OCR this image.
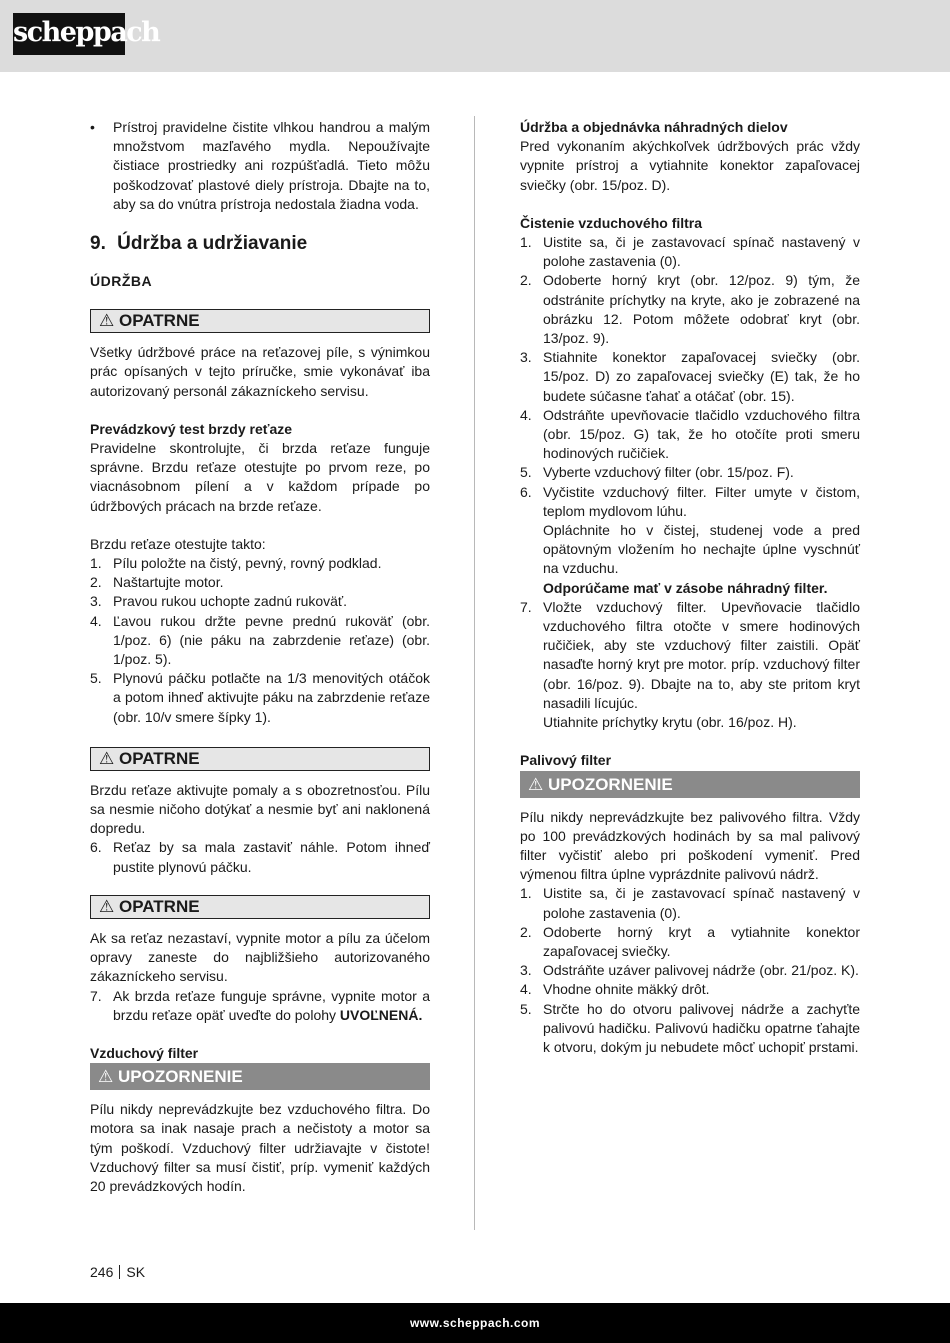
scheppach
•	Prístroj pravidelne čistite vlhkou handrou a malým množstvom mazľavého mydla. Nepoužívajte čistiace prostriedky ani rozpúšťadlá. Tieto môžu poškodzovať plastové diely prístroja. Dbajte na to, aby sa do vnútra prístroja nedostala žiadna voda.
9. Údržba a udržiavanie

ÚDRŽBA

⚠ OPATRNE

Všetky údržbové práce na reťazovej píle, s výnimkou prác opísaných v tejto príručke, smie vykonávať iba autorizovaný personál zákazníckeho servisu.

Prevádzkový test brzdy reťaze

Pravidelne skontrolujte, či brzda reťaze funguje správne. Brzdu reťaze otestujte po prvom reze, po viacnásobnom pílení a v každom prípade po údržbových prácach na brzde reťaze.

Brzdu reťaze otestujte takto:

1. Pílu položte na čistý, pevný, rovný podklad.
2. Naštartujte motor.
3. Pravou rukou uchopte zadnú rukoväť.
4. Ľavou rukou držte pevne prednú rukoväť (obr. 1/poz. 6) (nie páku na zabrzdenie reťaze) (obr. 1/poz. 5).
5. Plynovú páčku potlačte na 1/3 menovitých otáčok a potom ihneď aktivujte páku na zabrzdenie reťaze (obr. 10/v smere šípky 1).
⚠ OPATRNE

Brzdu reťaze aktivujte pomaly a s obozretnosťou. Pílu sa nesmie ničoho dotýkať a nesmie byť ani naklonená dopredu.

6. Reťaz by sa mala zastaviť náhle. Potom ihneď pustite plynovú páčku.
⚠ OPATRNE

Ak sa reťaz nezastaví, vypnite motor a pílu za účelom opravy zaneste do najbližšieho autorizovaného zákazníckeho servisu.

7. Ak brzda reťaze funguje správne, vypnite motor a brzdu reťaze opäť uveďte do polohy UVOĽNENÁ.

Vzduchový filter

⚠ UPOZORNENIE

Pílu nikdy neprevádzkujte bez vzduchového filtra. Do motora sa inak nasaje prach a nečistoty a motor sa tým poškodí. Vzduchový filter udržiavajte v čistote! Vzduchový filter sa musí čistiť, príp. vymeniť každých 20 prevádzkových hodín.

Údržba a objednávka náhradných dielov

Pred vykonaním akýchkoľvek údržbových prác vždy vypnite prístroj a vytiahnite konektor zapaľovacej sviečky (obr. 15/poz. D).

Čistenie vzduchového filtra

1. Uistite sa, či je zastavovací spínač nastavený v polohe zastavenia (0).
2. Odoberte horný kryt (obr. 12/poz. 9) tým, že odstránite príchytky na kryte, ako je zobrazené na obrázku 12. Potom môžete odobrať kryt (obr. 13/poz. 9).
3. Stiahnite konektor zapaľovacej sviečky (obr. 15/poz. D) zo zapaľovacej sviečky (E) tak, že ho budete súčasne ťahať a otáčať (obr. 15).
4. Odstráňte upevňovacie tlačidlo vzduchového filtra (obr. 15/poz. G) tak, že ho otočíte proti smeru hodinových ručičiek.
5. Vyberte vzduchový filter (obr. 15/poz. F).
6. Vyčistite vzduchový filter. Filter umyte v čistom, teplom mydlovom lúhu.
Opláchnite ho v čistej, studenej vode a pred opätovným vložením ho nechajte úplne vyschnúť na vzduchu.
Odporúčame mať v zásobe náhradný filter.
7. Vložte vzduchový filter. Upevňovacie tlačidlo vzduchového filtra otočte v smere hodinových ručičiek, aby ste vzduchový filter zaistili. Opäť nasaďte horný kryt pre motor. príp. vzduchový filter (obr. 16/poz. 9). Dbajte na to, aby ste pritom kryt nasadili lícujúc.
Utiahnite príchytky krytu (obr. 16/poz. H).

Palivový filter

⚠ UPOZORNENIE

Pílu nikdy neprevádzkujte bez palivového filtra. Vždy po 100 prevádzkových hodinách by sa mal palivový filter vyčistiť alebo pri poškodení vymeniť. Pred výmenou filtra úplne vyprázdnite palivovú nádrž.

1. Uistite sa, či je zastavovací spínač nastavený v polohe zastavenia (0).
2. Odoberte horný kryt a vytiahnite konektor zapaľovacej sviečky.
3. Odstráňte uzáver palivovej nádrže (obr. 21/poz. K).
4. Vhodne ohnite mäkký drôt.
5. Strčte ho do otvoru palivovej nádrže a zachyťte palivovú hadičku. Palivovú hadičku opatrne ťahajte k otvoru, dokým ju nebudete môcť uchopiť prstami.
246 SK
www.scheppach.com
